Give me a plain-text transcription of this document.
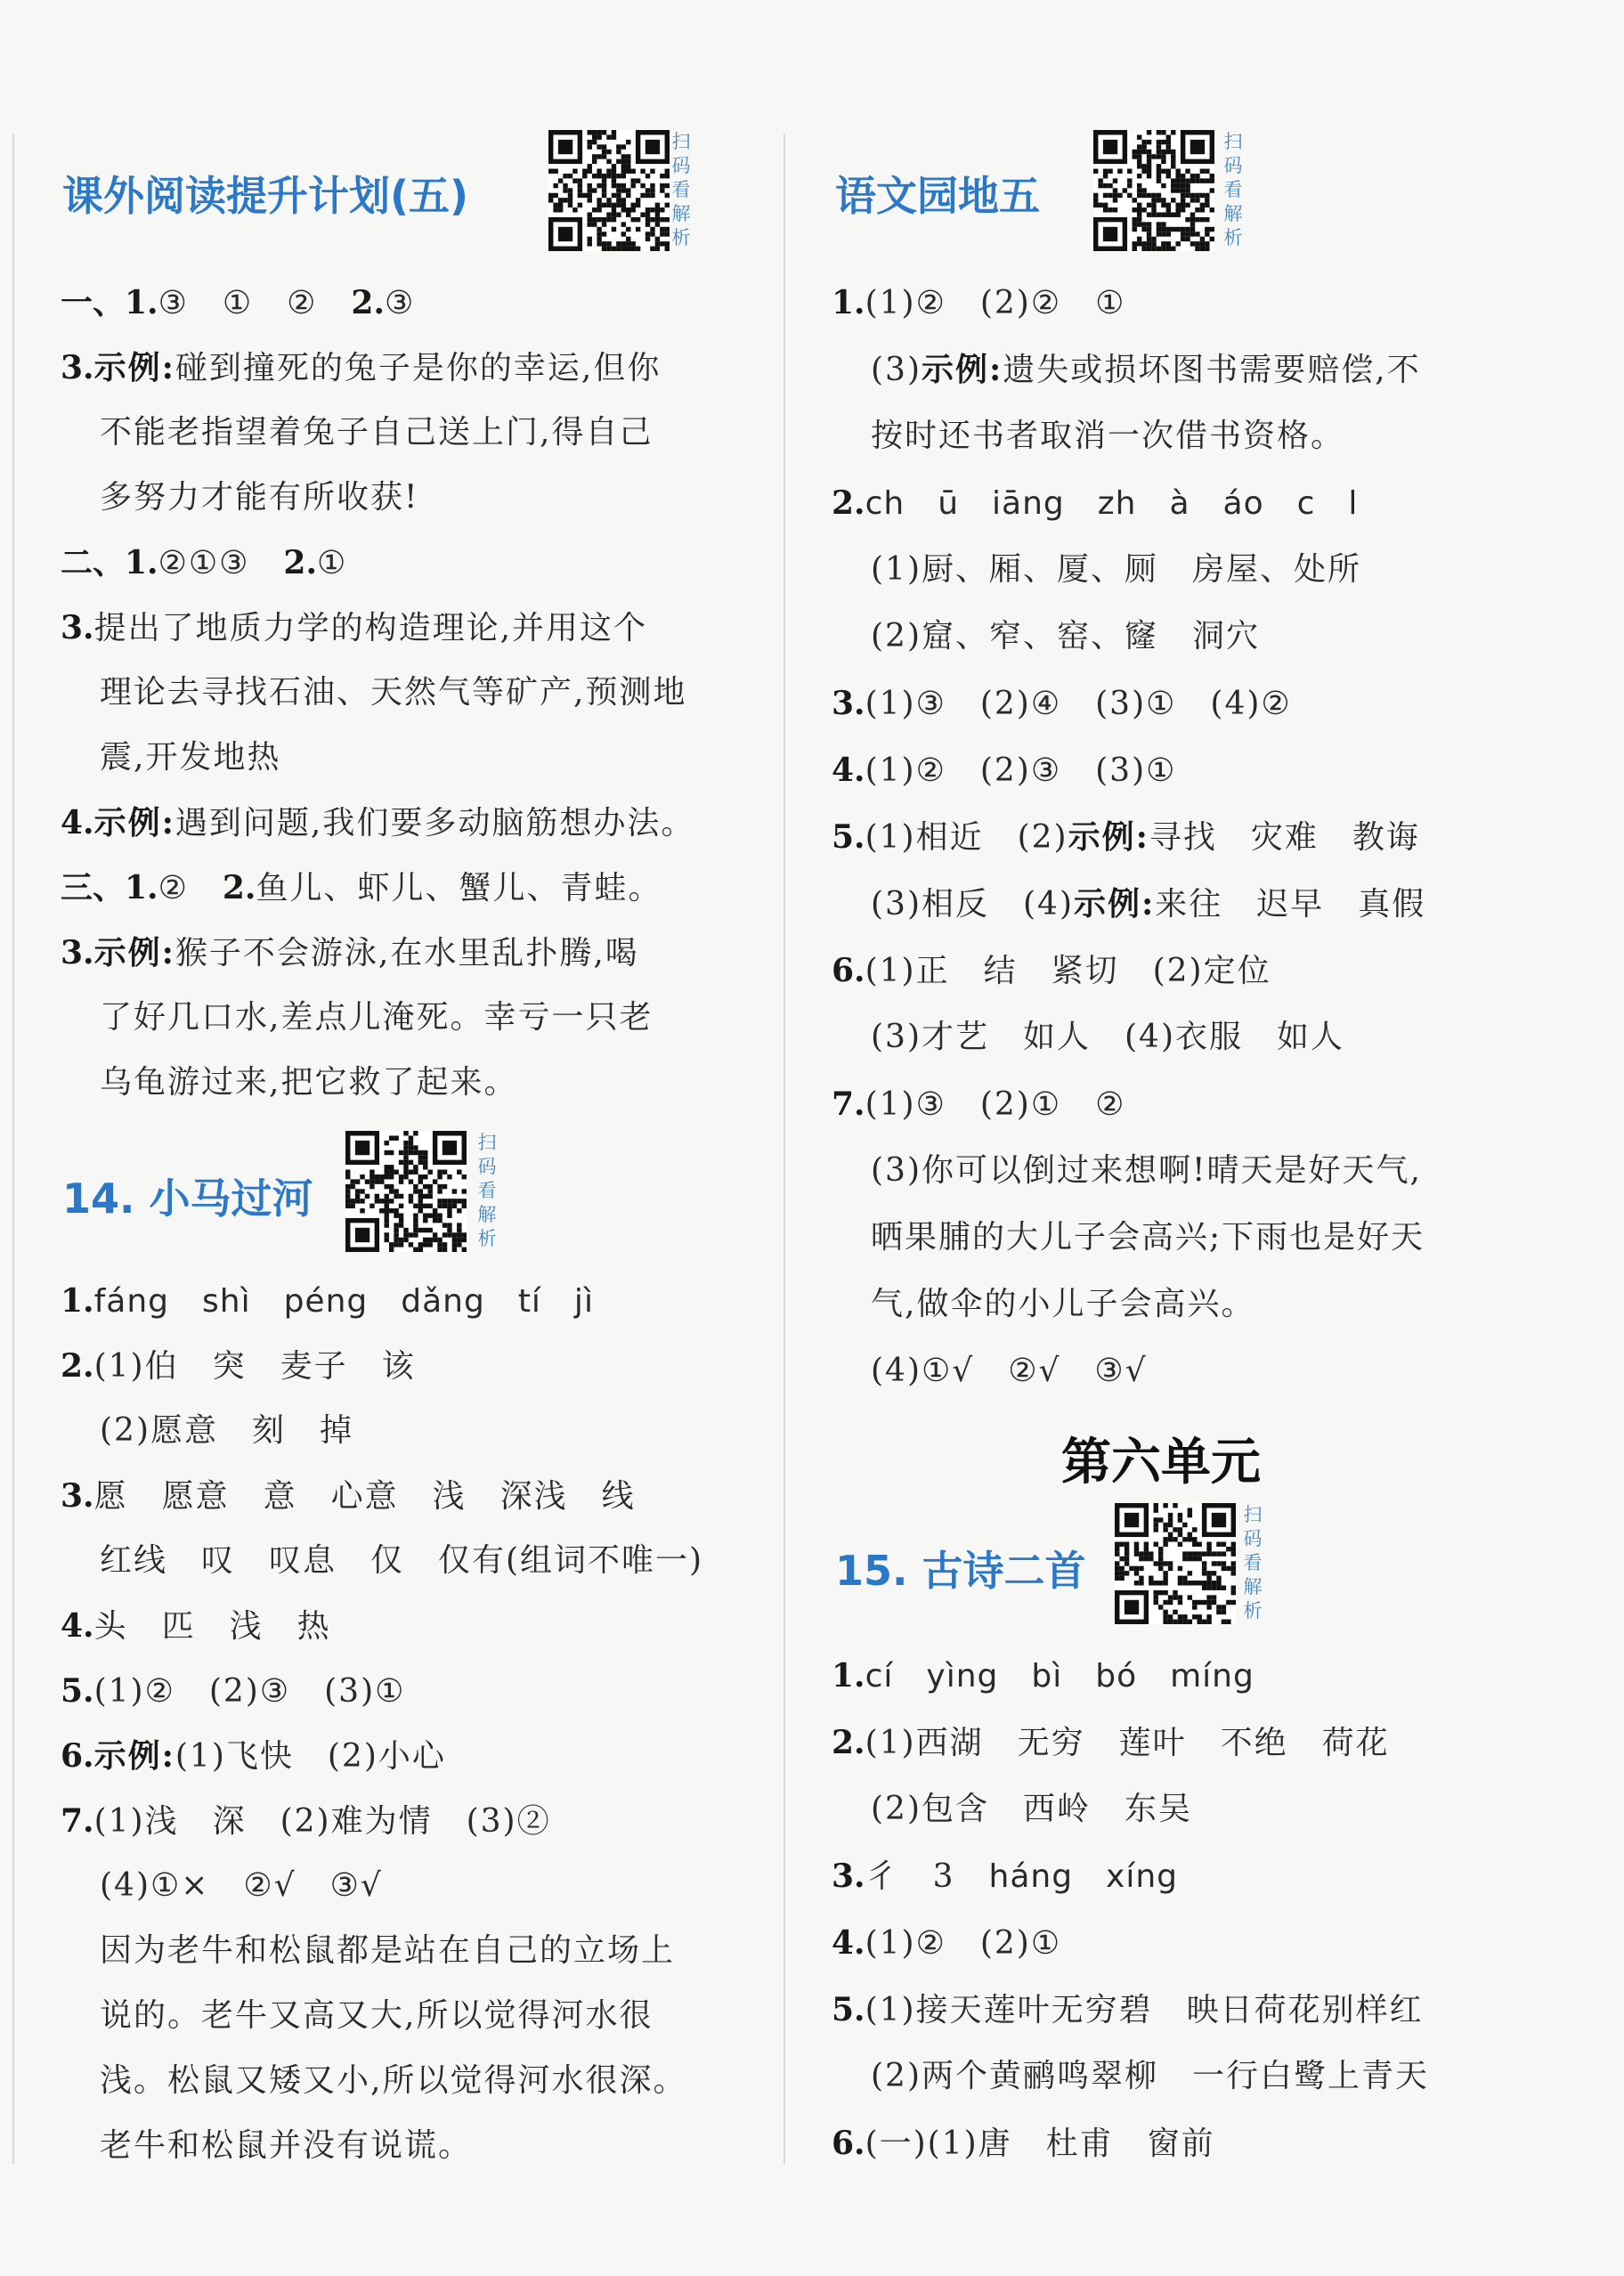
课外阅读提升计划(五)
扫
码
看
解
析
一、1.③　①　②　2.③
3.示例:碰到撞死的兔子是你的幸运,但你
不能老指望着兔子自己送上门,得自己
多努力才能有所收获!
二、1.②①③　2.①
3.提出了地质力学的构造理论,并用这个
理论去寻找石油、天然气等矿产,预测地
震,开发地热
4.示例:遇到问题,我们要多动脑筋想办法。
三、1.②　2.鱼儿、虾儿、蟹儿、青蛙。
3.示例:猴子不会游泳,在水里乱扑腾,喝
了好几口水,差点儿淹死。幸亏一只老
乌龟游过来,把它救了起来。
14. 小马过河
扫
码
看
解
析
1.fáng　shì　péng　dǎng　tí　jì
2.(1)伯　突　麦子　该
(2)愿意　刻　掉
3.愿　愿意　意　心意　浅　深浅　线
红线　叹　叹息　仅　仅有(组词不唯一)
4.头　匹　浅　热
5.(1)②　(2)③　(3)①
6.示例:(1)飞快　(2)小心
7.(1)浅　深　(2)难为情　(3)②
(4)①×　②√　③√
因为老牛和松鼠都是站在自己的立场上
说的。老牛又高又大,所以觉得河水很
浅。松鼠又矮又小,所以觉得河水很深。
老牛和松鼠并没有说谎。
语文园地五
扫
码
看
解
析
1.(1)②　(2)②　①
(3)示例:遗失或损坏图书需要赔偿,不
按时还书者取消一次借书资格。
2.ch　ū　iāng　zh　à　áo　c　l
(1)厨、厢、厦、厕　房屋、处所
(2)窟、窄、窑、窿　洞穴
3.(1)③　(2)④　(3)①　(4)②
4.(1)②　(2)③　(3)①
5.(1)相近　(2)示例:寻找　灾难　教诲
(3)相反　(4)示例:来往　迟早　真假
6.(1)正　结　紧切　(2)定位
(3)才艺　如人　(4)衣服　如人
7.(1)③　(2)①　②
(3)你可以倒过来想啊!晴天是好天气,
晒果脯的大儿子会高兴;下雨也是好天
气,做伞的小儿子会高兴。
(4)①√　②√　③√
第六单元
15. 古诗二首
扫
码
看
解
析
1.cí　yìng　bì　bó　míng
2.(1)西湖　无穷　莲叶　不绝　荷花
(2)包含　西岭　东吴
3.彳　3　háng　xíng
4.(1)②　(2)①
5.(1)接天莲叶无穷碧　映日荷花别样红
(2)两个黄鹂鸣翠柳　一行白鹭上青天
6.(一)(1)唐　杜甫　窗前
